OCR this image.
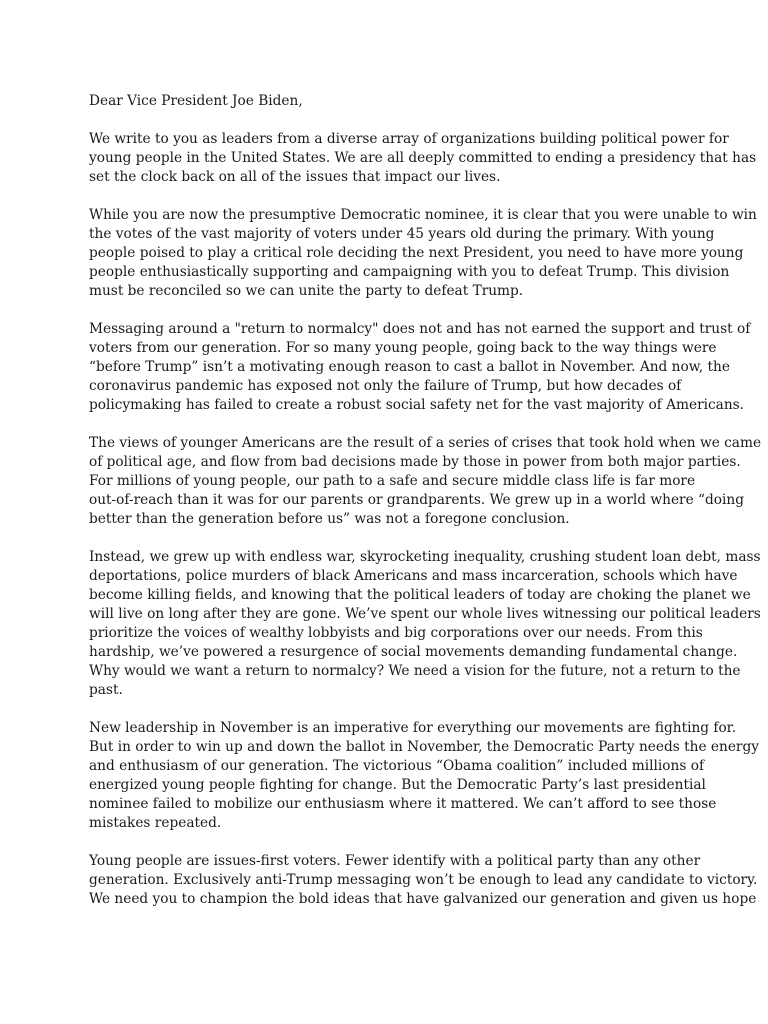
Dear Vice President Joe Biden,
We write to you as leaders from a diverse array of organizations building political power for
young people in the United States. We are all deeply committed to ending a presidency that has
set the clock back on all of the issues that impact our lives.
While you are now the presumptive Democratic nominee, it is clear that you were unable to win
the votes of the vast majority of voters under 45 years old during the primary. With young
people poised to play a critical role deciding the next President, you need to have more young
people enthusiastically supporting and campaigning with you to defeat Trump. This division
must be reconciled so we can unite the party to defeat Trump.
Messaging around a "return to normalcy" does not and has not earned the support and trust of
voters from our generation. For so many young people, going back to the way things were
“before Trump” isn’t a motivating enough reason to cast a ballot in November. And now, the
coronavirus pandemic has exposed not only the failure of Trump, but how decades of
policymaking has failed to create a robust social safety net for the vast majority of Americans.
The views of younger Americans are the result of a series of crises that took hold when we came
of political age, and flow from bad decisions made by those in power from both major parties.
For millions of young people, our path to a safe and secure middle class life is far more
out-of-reach than it was for our parents or grandparents. We grew up in a world where “doing
better than the generation before us” was not a foregone conclusion.
Instead, we grew up with endless war, skyrocketing inequality, crushing student loan debt, mass
deportations, police murders of black Americans and mass incarceration, schools which have
become killing fields, and knowing that the political leaders of today are choking the planet we
will live on long after they are gone. We’ve spent our whole lives witnessing our political leaders
prioritize the voices of wealthy lobbyists and big corporations over our needs. From this
hardship, we’ve powered a resurgence of social movements demanding fundamental change.
Why would we want a return to normalcy? We need a vision for the future, not a return to the
past.
New leadership in November is an imperative for everything our movements are fighting for.
But in order to win up and down the ballot in November, the Democratic Party needs the energy
and enthusiasm of our generation. The victorious “Obama coalition” included millions of
energized young people fighting for change. But the Democratic Party’s last presidential
nominee failed to mobilize our enthusiasm where it mattered. We can’t afford to see those
mistakes repeated.
Young people are issues-first voters. Fewer identify with a political party than any other
generation. Exclusively anti-Trump messaging won’t be enough to lead any candidate to victory.
We need you to champion the bold ideas that have galvanized our generation and given us hope
